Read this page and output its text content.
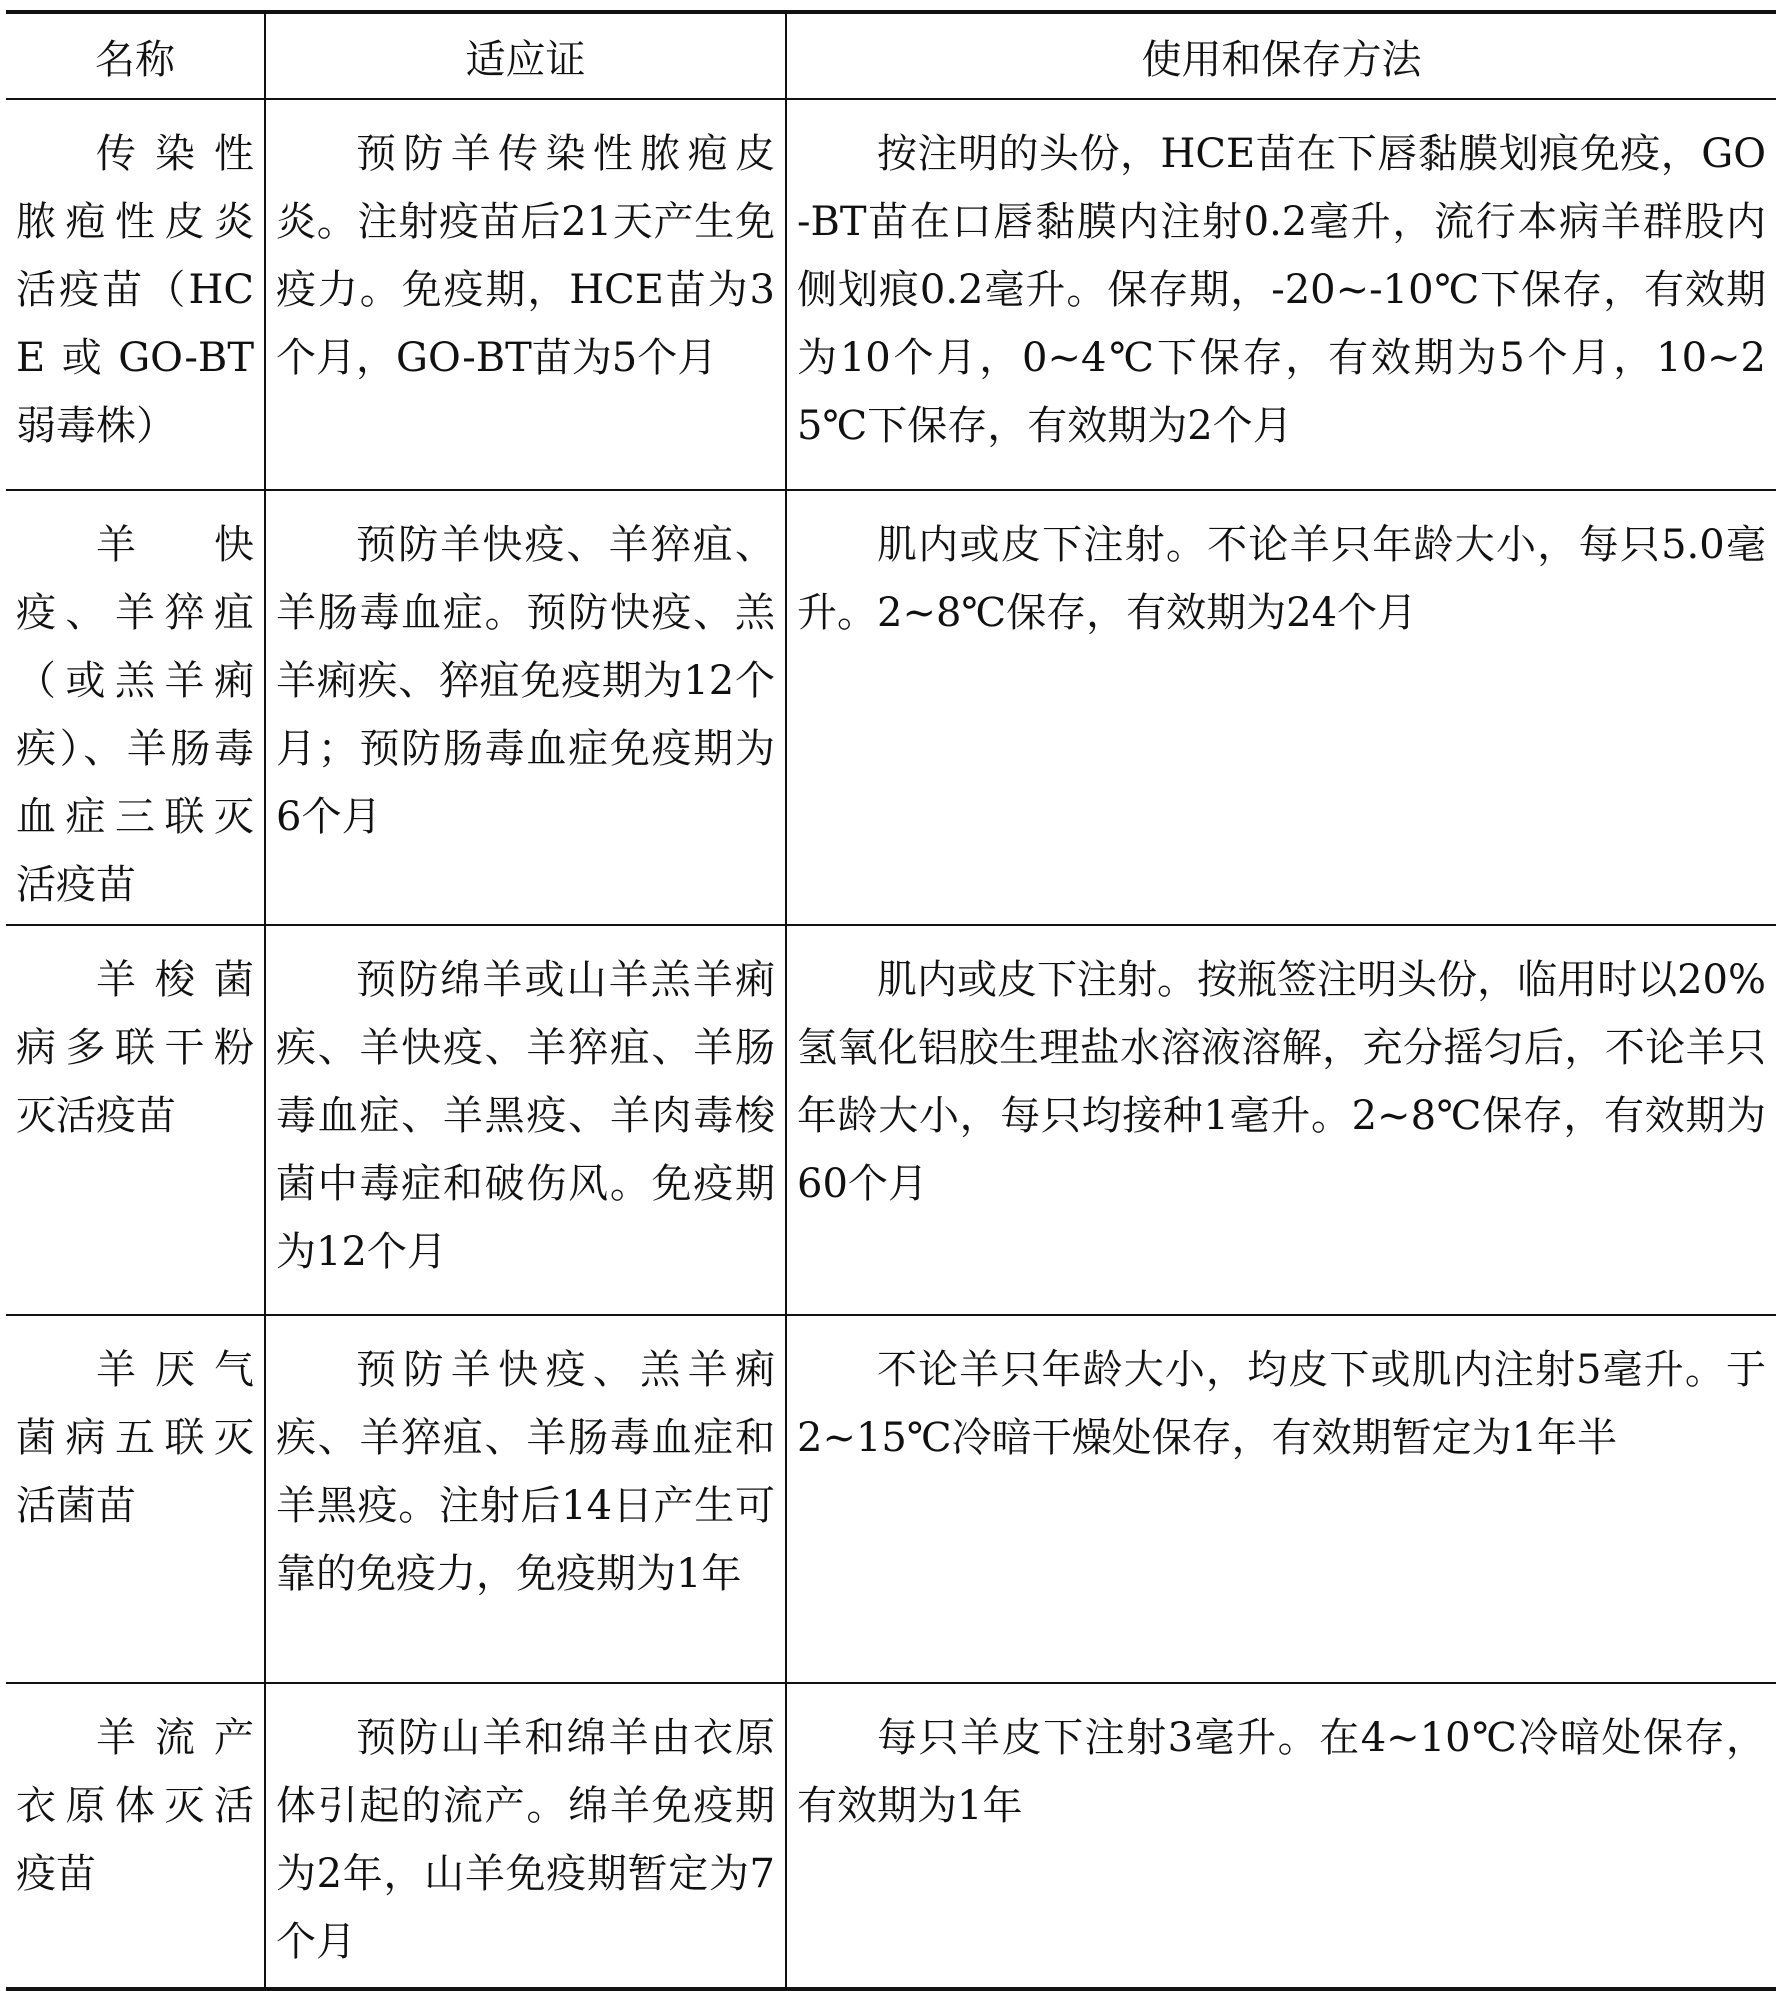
名称	适应证	使用和保存方法

传染性脓疱性皮炎活疫苗（HCE或GO-BT弱毒株）	预防羊传染性脓疱皮炎。注射疫苗后21天产生免疫力。免疫期，HCE苗为3个月，GO-BT苗为5个月	按注明的头份，HCE苗在下唇黏膜划痕免疫，GO-BT苗在口唇黏膜内注射0.2毫升，流行本病羊群股内侧划痕0.2毫升。保存期，-20~-10℃下保存，有效期为10个月，0~4℃下保存，有效期为5个月，10~25℃下保存，有效期为2个月

羊快疫、羊猝疽（或羔羊痢疾）、羊肠毒血症三联灭活疫苗	预防羊快疫、羊猝疽、羊肠毒血症。预防快疫、羔羊痢疾、猝疽免疫期为12个月；预防肠毒血症免疫期为6个月	肌内或皮下注射。不论羊只年龄大小，每只5.0毫升。2~8℃保存，有效期为24个月

羊梭菌病多联干粉灭活疫苗	预防绵羊或山羊羔羊痢疾、羊快疫、羊猝疽、羊肠毒血症、羊黑疫、羊肉毒梭菌中毒症和破伤风。免疫期为12个月	肌内或皮下注射。按瓶签注明头份，临用时以20%氢氧化铝胶生理盐水溶液溶解，充分摇匀后，不论羊只年龄大小，每只均接种1毫升。2~8℃保存，有效期为60个月

羊厌气菌病五联灭活菌苗	预防羊快疫、羔羊痢疾、羊猝疽、羊肠毒血症和羊黑疫。注射后14日产生可靠的免疫力，免疫期为1年	不论羊只年龄大小，均皮下或肌内注射5毫升。于2~15℃冷暗干燥处保存，有效期暂定为1年半

羊流产衣原体灭活疫苗	预防山羊和绵羊由衣原体引起的流产。绵羊免疫期为2年，山羊免疫期暂定为7个月	每只羊皮下注射3毫升。在4~10℃冷暗处保存，有效期为1年
